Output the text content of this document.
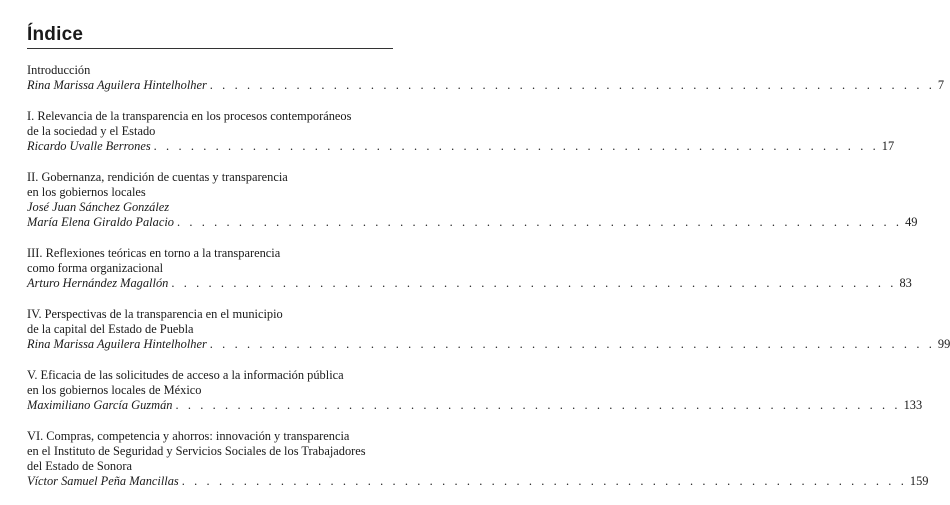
Índice
Introducción
Rina Marissa Aguilera Hintelholher . . . . . . . . . . . . . . . . . . . . . . . . . . . . . . . . . . . . . . . . . . . . . . . . . . . . . . . . . . . 7
I. Relevancia de la transparencia en los procesos contemporáneos
de la sociedad y el Estado
Ricardo Uvalle Berrones . . . . . . . . . . . . . . . . . . . . . . . . . . . . . . . . . . . . . . . . . . . . . . . . . . . . . . . . . . . 17
II. Gobernanza, rendición de cuentas y transparencia
en los gobiernos locales
José Juan Sánchez González
María Elena Giraldo Palacio . . . . . . . . . . . . . . . . . . . . . . . . . . . . . . . . . . . . . . . . . . . . . . . . . . . . . . . . . . . 49
III. Reflexiones teóricas en torno a la transparencia
como forma organizacional
Arturo Hernández Magallón . . . . . . . . . . . . . . . . . . . . . . . . . . . . . . . . . . . . . . . . . . . . . . . . . . . . . . . . . . . 83
IV. Perspectivas de la transparencia en el municipio
de la capital del Estado de Puebla
Rina Marissa Aguilera Hintelholher . . . . . . . . . . . . . . . . . . . . . . . . . . . . . . . . . . . . . . . . . . . . . . . . . . . . . . . . . . . 99
V. Eficacia de las solicitudes de acceso a la información pública
en los gobiernos locales de México
Maximiliano García Guzmán . . . . . . . . . . . . . . . . . . . . . . . . . . . . . . . . . . . . . . . . . . . . . . . . . . . . . . . . . . . 133
VI. Compras, competencia y ahorros: innovación y transparencia
en el Instituto de Seguridad y Servicios Sociales de los Trabajadores
del Estado de Sonora
Víctor Samuel Peña Mancillas . . . . . . . . . . . . . . . . . . . . . . . . . . . . . . . . . . . . . . . . . . . . . . . . . . . . . . . . . . . 159
